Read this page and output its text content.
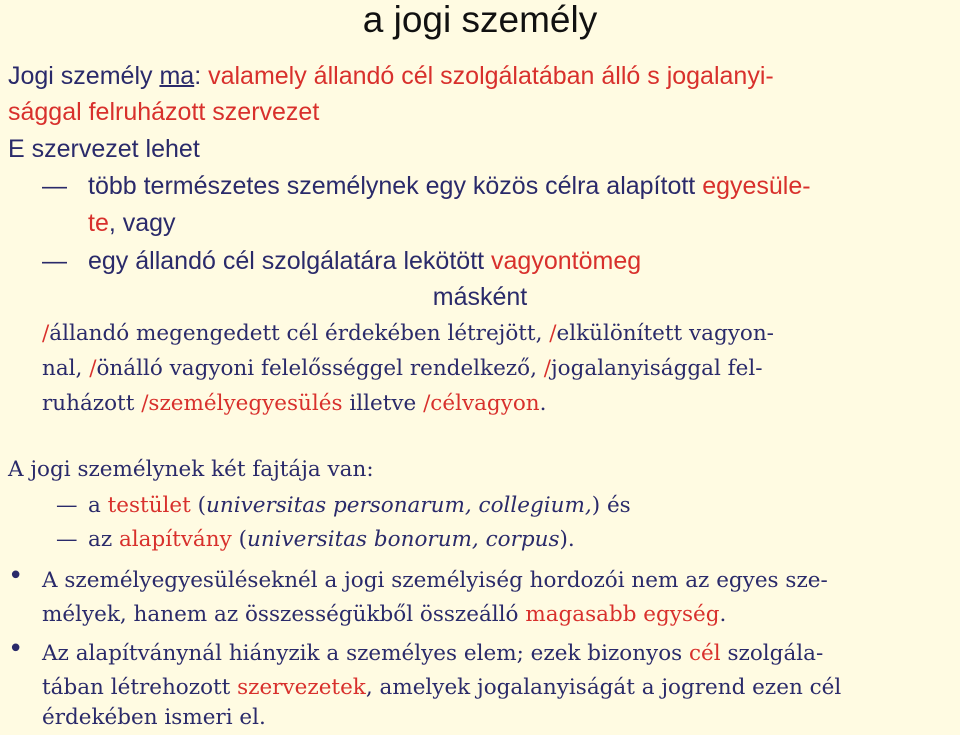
a jogi személy
Jogi személy ma: valamely állandó cél szolgálatában álló s jogalanyi-
sággal felruházott szervezet
E szervezet lehet
—
több természetes személynek egy közös célra alapított egyesüle-
te, vagy
—
egy állandó cél szolgálatára lekötött vagyontömeg
másként
/állandó megengedett cél érdekében létrejött, /elkülönített vagyon-
nal, /önálló vagyoni felelősséggel rendelkező, /jogalanyisággal fel-
ruházott /személyegyesülés illetve /célvagyon.
A jogi személynek két fajtája van:
—
a testület (universitas personarum, collegium,) és
—
az alapítvány (universitas bonorum, corpus).
• A személyegyesüléseknél a jogi személyiség hordozói nem az egyes sze-
mélyek, hanem az összességükből összeálló magasabb egység.
• Az alapítványnál hiányzik a személyes elem; ezek bizonyos cél szolgála-
tában létrehozott szervezetek, amelyek jogalanyiságát a jogrend ezen cél
érdekében ismeri el.
